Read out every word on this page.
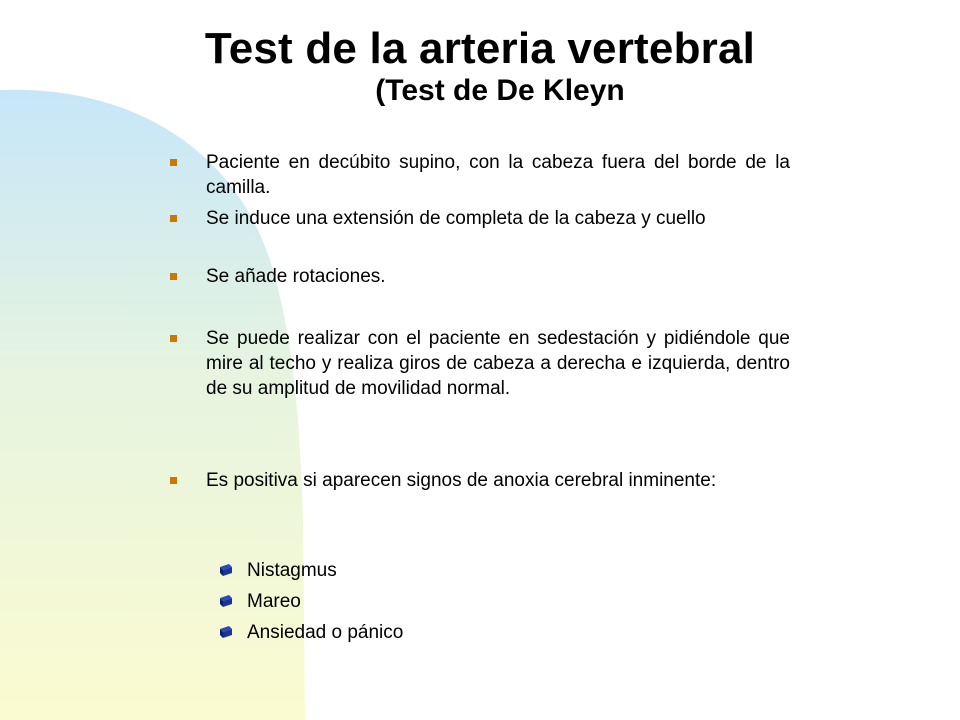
Test de la arteria vertebral
(Test de De Kleyn
Paciente en decúbito supino, con la cabeza fuera del borde de la camilla.
Se induce una extensión de completa de la cabeza y cuello
Se añade rotaciones.
Se puede realizar con el paciente en sedestación y pidiéndole que mire al techo y realiza giros de cabeza a derecha e izquierda, dentro de su amplitud de movilidad normal.
Es positiva si aparecen signos de anoxia cerebral inminente:
Nistagmus
Mareo
Ansiedad o pánico
